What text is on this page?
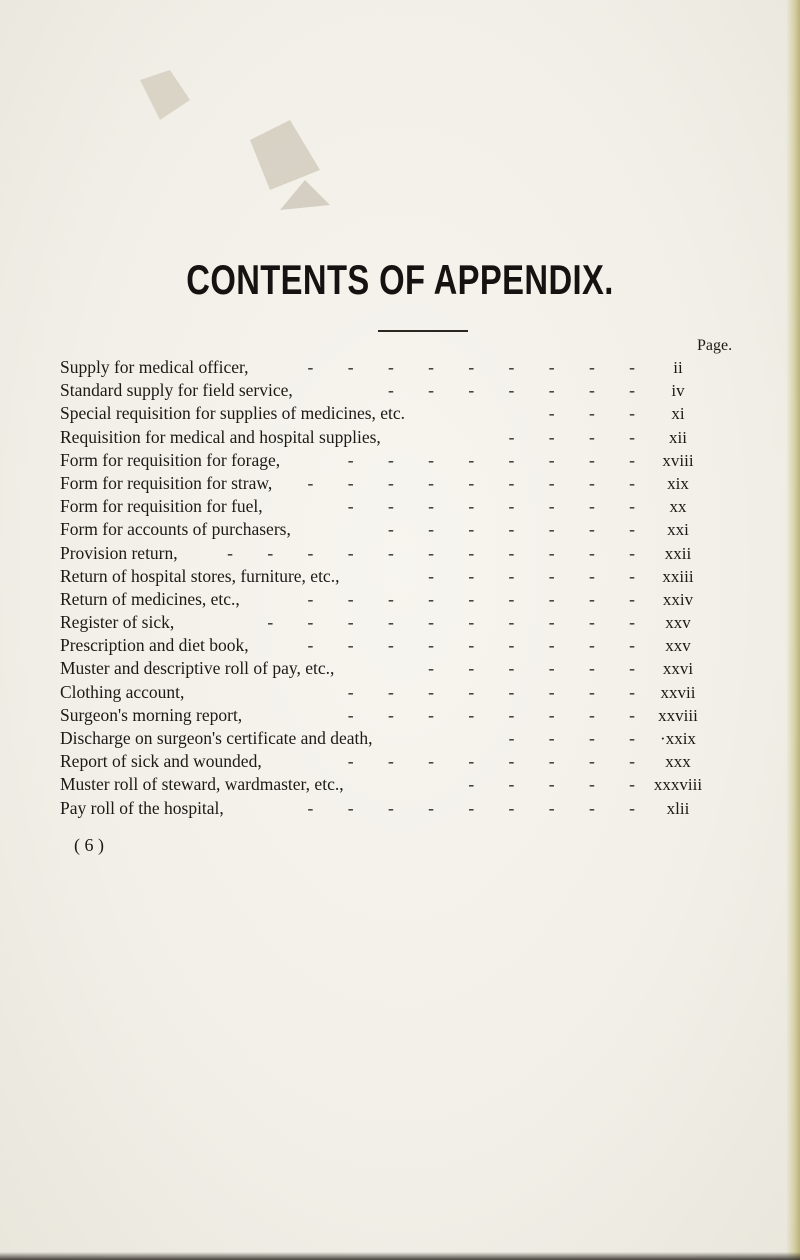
CONTENTS OF APPENDIX.
Page.
Supply for medical officer,	- - - - - - - - -	ii
Standard supply for field service,	- - - - - - -	iv
Special requisition for supplies of medicines, etc.	- - -	xi
Requisition for medical and hospital supplies,	- - - -	xii
Form for requisition for forage,	- - - - - - - - xviii
Form for requisition for straw, - - - - - - - - -	xix
Form for requisition for fuel,	- - - - - - - -	xx
Form for accounts of purchasers,	- - - - - - -	xxi
Provision return,	- - - - - - - - - - - xxii
Return of hospital stores, furniture, etc.,	- - - - - - xxiii
Return of medicines, etc.,	- - - - - - - - - xxiv
Register of sick,	- - - - - - - - - - xxv
Prescription and diet book,	- - - - - - - - - xxv
Muster and descriptive roll of pay, etc.,	- - - - - - xxvi
Clothing account,	- - - - - - - - xxvii
Surgeon's morning report,	- - - - - - - - xxviii
Discharge on surgeon's certificate and death,	- - - - ·xxix
Report of sick and wounded,	- - - - - - - - xxx
Muster roll of steward, wardmaster, etc.,	- - - - - xxxviii
Pay roll of the hospital,	- - - - - - - - - xlii
( 6 )
